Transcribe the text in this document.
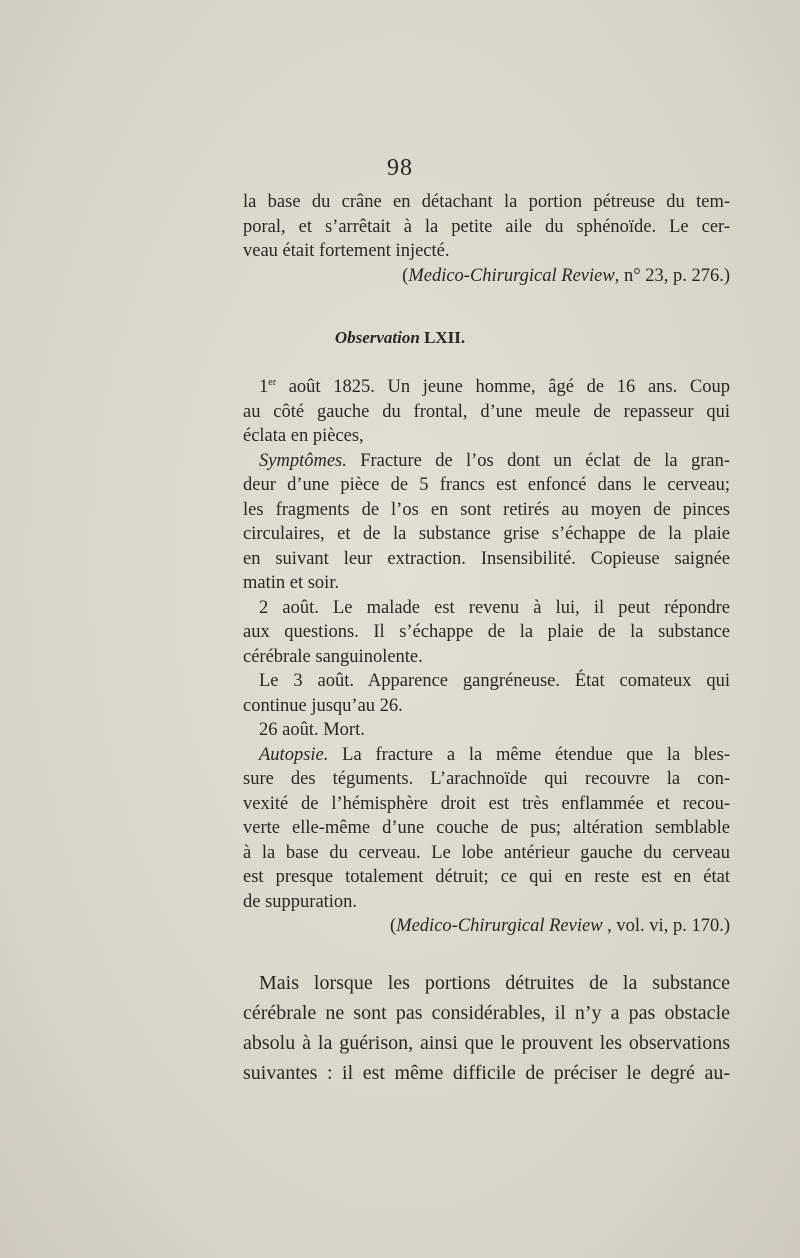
98
la base du crâne en détachant la portion pétreuse du tem-
poral, et s’arrêtait à la petite aile du sphénoïde. Le cer-
veau était fortement injecté.
(Medico-Chirurgical Review, n° 23, p. 276.)
Observation LXII.
1er août 1825. Un jeune homme, âgé de 16 ans. Coup
au côté gauche du frontal, d’une meule de repasseur qui
éclata en pièces,
Symptômes. Fracture de l’os dont un éclat de la gran-
deur d’une pièce de 5 francs est enfoncé dans le cerveau;
les fragments de l’os en sont retirés au moyen de pinces
circulaires, et de la substance grise s’échappe de la plaie
en suivant leur extraction. Insensibilité. Copieuse saignée
matin et soir.
2 août. Le malade est revenu à lui, il peut répondre
aux questions. Il s’échappe de la plaie de la substance
cérébrale sanguinolente.
Le 3 août. Apparence gangréneuse. État comateux qui
continue jusqu’au 26.
26 août. Mort.
Autopsie. La fracture a la même étendue que la bles-
sure des téguments. L’arachnoïde qui recouvre la con-
vexité de l’hémisphère droit est très enflammée et recou-
verte elle-même d’une couche de pus; altération semblable
à la base du cerveau. Le lobe antérieur gauche du cerveau
est presque totalement détruit; ce qui en reste est en état
de suppuration.
(Medico-Chirurgical Review , vol. vi, p. 170.)
Mais lorsque les portions détruites de la substance
cérébrale ne sont pas considérables, il n’y a pas obstacle
absolu à la guérison, ainsi que le prouvent les observations
suivantes : il est même difficile de préciser le degré au-
